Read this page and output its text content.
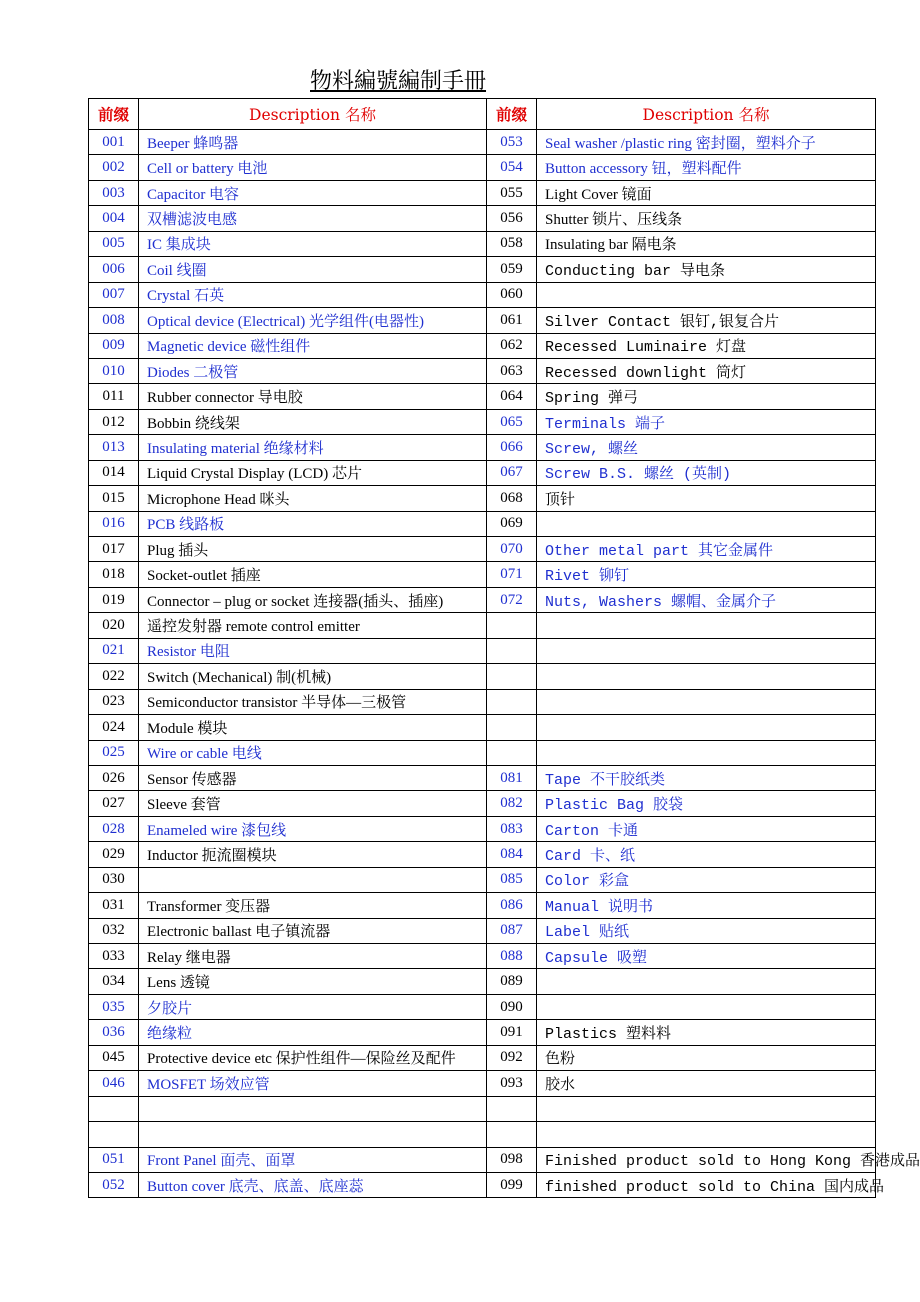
物料編號編制手冊
前缀	Description 名称	前缀	Description 名称
001	Beeper 蜂鸣器	053	Seal washer /plastic ring 密封圈，塑料介子
002	Cell or battery 电池	054	Button accessory 钮，塑料配件
003	Capacitor 电容	055	Light Cover 镜面
004	双槽滤波电感	056	Shutter 锁片、压线条
005	IC 集成块	058	Insulating bar 隔电条
006	Coil 线圈	059	Conducting bar 导电条
007	Crystal 石英	060	
008	Optical device (Electrical) 光学组件(电器性)	061	Silver Contact 银钉,银复合片
009	Magnetic device 磁性组件	062	Recessed Luminaire 灯盘
010	Diodes 二极管	063	Recessed downlight 筒灯
011	Rubber connector 导电胶	064	Spring 弹弓
012	Bobbin 绕线架	065	Terminals 端子
013	Insulating material 绝缘材料	066	Screw, 螺丝
014	Liquid Crystal Display (LCD) 芯片	067	Screw B.S. 螺丝 (英制)
015	Microphone Head 咪头	068	顶针
016	PCB 线路板	069	
017	Plug 插头	070	Other metal part 其它金属件
018	Socket-outlet 插座	071	Rivet 铆钉
019	Connector – plug or socket 连接器(插头、插座)	072	Nuts, Washers 螺帽、金属介子
020	遥控发射器 remote control emitter		
021	Resistor 电阻		
022	Switch (Mechanical) 制(机械)		
023	Semiconductor transistor 半导体—三极管		
024	Module 模块		
025	Wire or cable 电线		
026	Sensor 传感器	081	Tape 不干胶纸类
027	Sleeve 套管	082	Plastic Bag 胶袋
028	Enameled wire 漆包线	083	Carton 卡通
029	Inductor 扼流圈模块	084	Card 卡、纸
030		085	Color 彩盒
031	Transformer 变压器	086	Manual 说明书
032	Electronic ballast 电子镇流器	087	Label 贴纸
033	Relay 继电器	088	Capsule 吸塑
034	Lens 透镜	089	
035	夕胶片	090	
036	绝缘粒	091	Plastics 塑料料
045	Protective device etc 保护性组件—保险丝及配件	092	色粉
046	MOSFET 场效应管	093	胶水

051	Front Panel 面壳、面罩	098	Finished product sold to Hong Kong 香港成品
052	Button cover 底壳、底盖、底座蕊	099	finished product sold to China 国内成品
